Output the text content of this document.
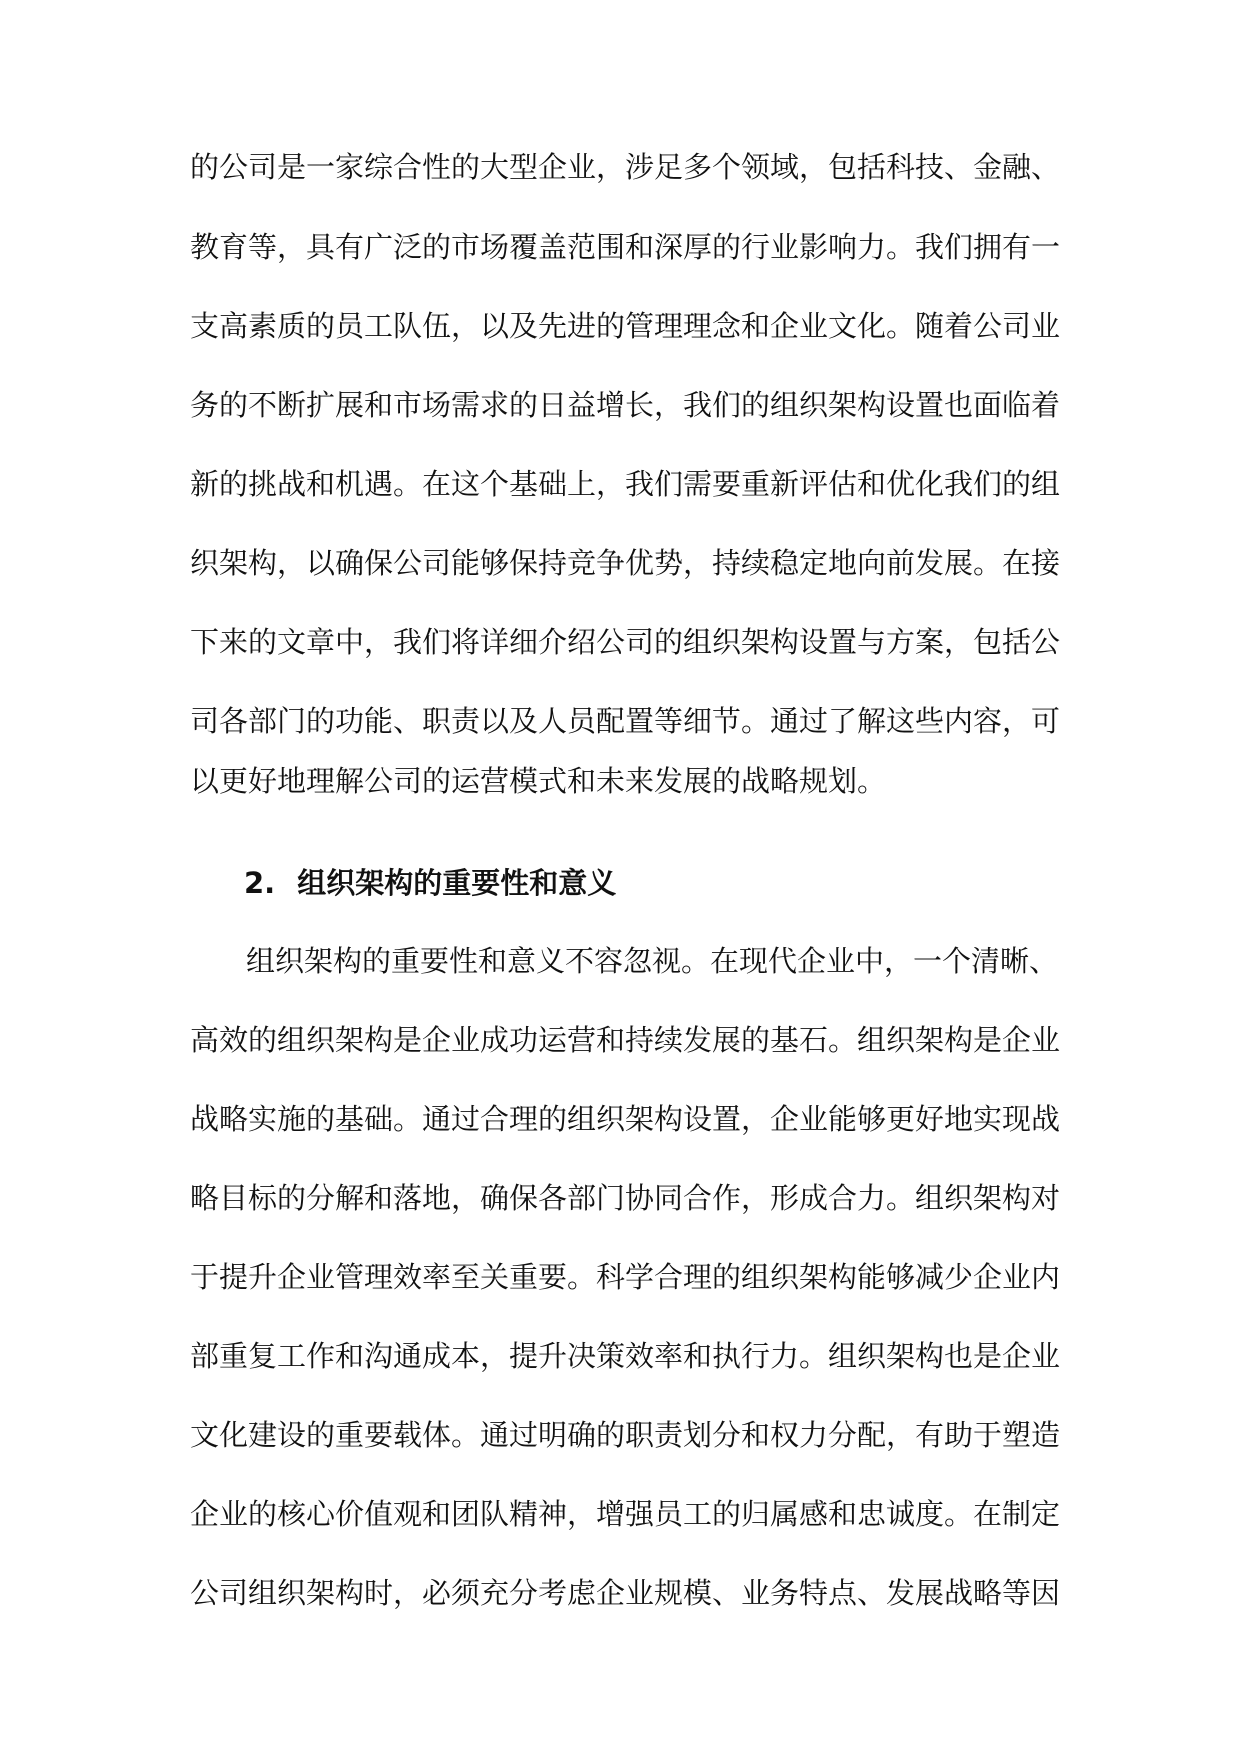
的公司是一家综合性的大型企业，涉足多个领域，包括科技、金融、
教育等，具有广泛的市场覆盖范围和深厚的行业影响力。我们拥有一
支高素质的员工队伍，以及先进的管理理念和企业文化。随着公司业
务的不断扩展和市场需求的日益增长，我们的组织架构设置也面临着
新的挑战和机遇。在这个基础上，我们需要重新评估和优化我们的组
织架构，以确保公司能够保持竞争优势，持续稳定地向前发展。在接
下来的文章中，我们将详细介绍公司的组织架构设置与方案，包括公
司各部门的功能、职责以及人员配置等细节。通过了解这些内容，可
以更好地理解公司的运营模式和未来发展的战略规划。
2. 组织架构的重要性和意义
组织架构的重要性和意义不容忽视。在现代企业中，一个清晰、
高效的组织架构是企业成功运营和持续发展的基石。组织架构是企业
战略实施的基础。通过合理的组织架构设置，企业能够更好地实现战
略目标的分解和落地，确保各部门协同合作，形成合力。组织架构对
于提升企业管理效率至关重要。科学合理的组织架构能够减少企业内
部重复工作和沟通成本，提升决策效率和执行力。组织架构也是企业
文化建设的重要载体。通过明确的职责划分和权力分配，有助于塑造
企业的核心价值观和团队精神，增强员工的归属感和忠诚度。在制定
公司组织架构时，必须充分考虑企业规模、业务特点、发展战略等因
